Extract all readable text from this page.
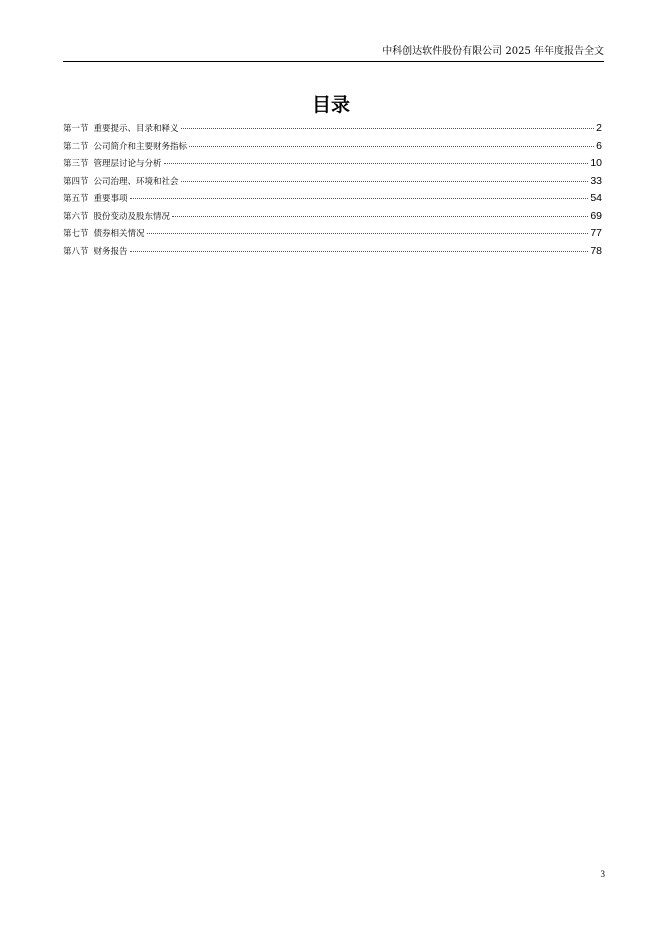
中科创达软件股份有限公司 2025 年年度报告全文
目录
第一节 重要提示、目录和释义	2
第二节 公司简介和主要财务指标	6
第三节 管理层讨论与分析	10
第四节 公司治理、环境和社会	33
第五节 重要事项	54
第六节 股份变动及股东情况	69
第七节 债券相关情况	77
第八节 财务报告	78
3
